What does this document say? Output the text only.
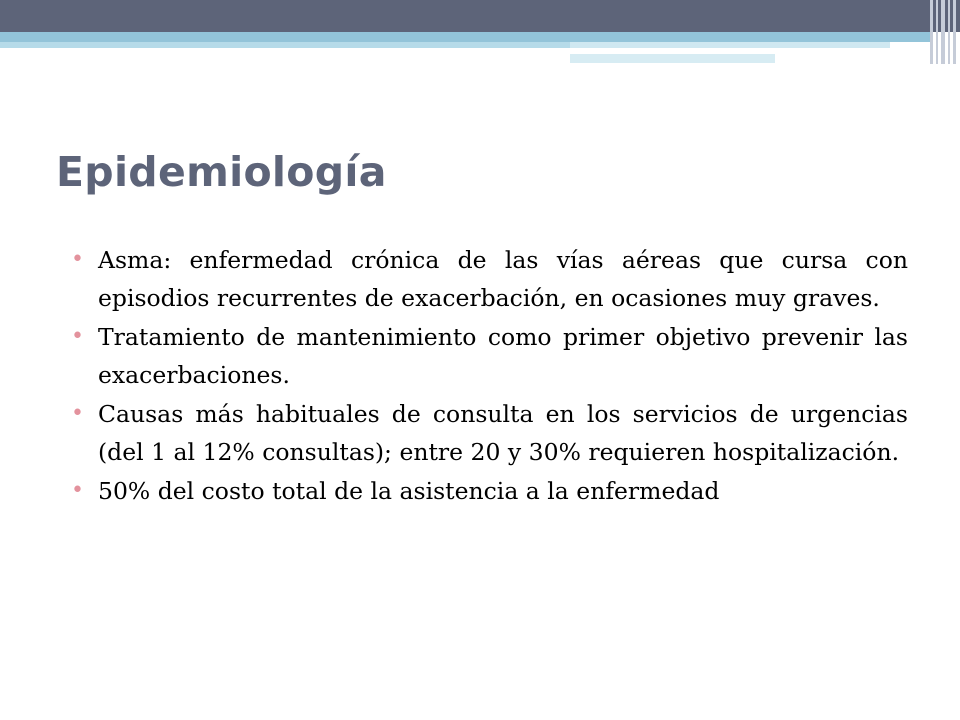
Epidemiología
• Asma: enfermedad crónica de las vías aéreas que cursa con episodios recurrentes de exacerbación, en ocasiones muy graves.
• Tratamiento de mantenimiento como primer objetivo prevenir las exacerbaciones.
• Causas más habituales de consulta en los servicios de urgencias (del 1 al 12% consultas); entre 20 y 30% requieren hospitalización.
• 50% del costo total de la asistencia a la enfermedad
